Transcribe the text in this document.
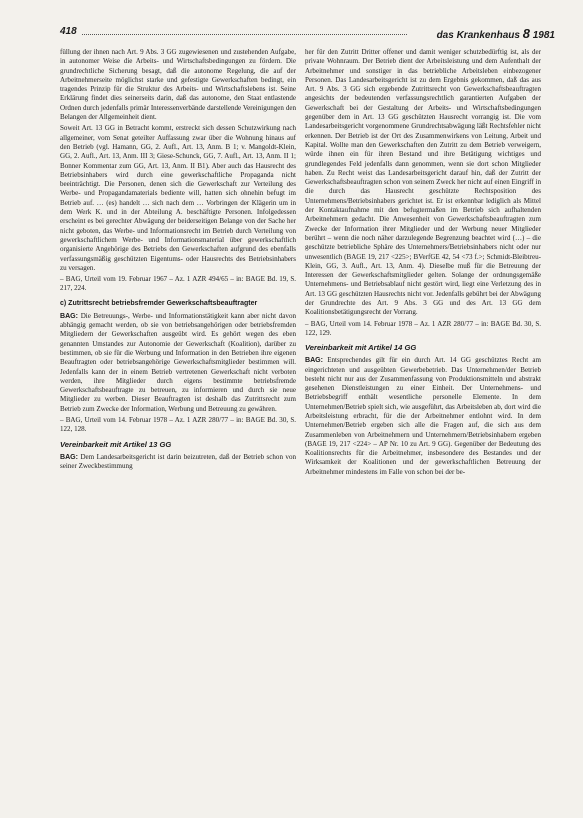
418	das Krankenhaus 8 1981

füllung der ihnen nach Art. 9 Abs. 3 GG zugewiesenen und zustehenden Aufgabe, in autonomer Weise die Arbeits- und Wirtschaftsbedingungen zu fördern. Die grundrechtliche Sicherung besagt, daß die autonome Regelung, die auf der Arbeitnehmerseite möglichst starke und gefestigte Gewerkschaften bedingt, ein tragendes Prinzip für die Struktur des Arbeits- und Wirtschaftslebens ist. Seine Erklärung findet dies seinerseits darin, daß das autonome, den Staat entlastende Ordnen durch jedenfalls primär Interessenverbände darstellende Vereinigungen den Belangen der Allgemeinheit dient.

Soweit Art. 13 GG in Betracht kommt, erstreckt sich dessen Schutzwirkung nach allgemeiner, vom Senat geteilter Auffassung zwar über die Wohnung hinaus auf den Betrieb (vgl. Hamann, GG, 2. Aufl., Art. 13, Anm. B 1; v. Mangoldt-Klein, GG, 2. Aufl., Art. 13, Anm. III 3; Giese-Schunck, GG, 7. Aufl., Art. 13, Anm. II 1; Bonner Kommentar zum GG, Art. 13, Anm. II B1). Aber auch das Hausrecht des Betriebsinhabers wird durch eine gewerkschaftliche Propaganda nicht beeinträchtigt. Die Personen, denen sich die Gewerkschaft zur Verteilung des Werbe- und Propagandamaterials bediente will, hatten sich ohnehin befugt im Betrieb auf. … (es) handelt … sich nach dem … Vorbringen der Klägerin um in dem Werk K. und in der Abteilung A. beschäftigte Personen. Infolgedessen erscheint es bei gerechter Abwägung der beiderseitigen Belange von der Sache her nicht geboten, das Werbe- und Informationsrecht im Betrieb durch Verteilung von gewerkschaftlichem Werbe- und Informationsmaterial über gewerkschaftlich organisierte Angehörige des Betriebs den Gewerkschaften aufgrund des ebenfalls verfassungsmäßig geschützten Eigentums- oder Hausrechts des Betriebsinhabers zu versagen.

– BAG, Urteil vom 19. Februar 1967 – Az. 1 AZR 494/65 – in: BAGE Bd. 19, S. 217, 224.

c) Zutrittsrecht betriebsfremder Gewerkschaftsbeauftragter

BAG: Die Betreuungs-, Werbe- und Informationstätigkeit kann aber nicht davon abhängig gemacht werden, ob sie von betriebsangehörigen oder betriebsfremden Mitgliedern der Gewerkschaften ausgeübt wird. Es gehört wegen des eben genannten Umstandes zur Autonomie der Gewerkschaft (Koalition), darüber zu bestimmen, ob sie für die Werbung und Information in den Betrieben ihre eigenen Beauftragten oder betriebsangehörige Gewerkschaftsmitglieder bestimmen will. Jedenfalls kann der in einem Betrieb vertretenen Gewerkschaft nicht verboten werden, ihre Mitglieder durch eigens bestimmte betriebsfremde Gewerkschaftsbeauftragte zu betreuen, zu informieren und durch sie neue Mitglieder zu werben. Dieser Beauftragten ist deshalb das Zutrittsrecht zum Betrieb zum Zwecke der Information, Werbung und Betreuung zu gewähren.

– BAG, Urteil vom 14. Februar 1978 – Az. 1 AZR 280/77 – in: BAGE Bd. 30, S. 122, 128.

Vereinbarkeit mit Artikel 13 GG

BAG: Dem Landesarbeitsgericht ist darin beizutreten, daß der Betrieb schon von seiner Zweckbestimmung

her für den Zutritt Dritter offener und damit weniger schutzbedürftig ist, als der private Wohnraum. Der Betrieb dient der Arbeitsleistung und dem Aufenthalt der Arbeitnehmer und sonstiger in das betriebliche Arbeitsleben einbezogener Personen. Das Landesarbeitsgericht ist zu dem Ergebnis gekommen, daß das aus Art. 9 Abs. 3 GG sich ergebende Zutrittsrecht von Gewerkschaftsbeauftragten angesichts der bedeutenden verfassungsrechtlich garantierten Aufgaben der Gewerkschaft bei der Gestaltung der Arbeits- und Wirtschaftsbedingungen gegenüber dem in Art. 13 GG geschützten Hausrecht vorrangig ist. Die vom Landesarbeitsgericht vorgenommene Grundrechtsabwägung läßt Rechtsfehler nicht erkennen. Der Betrieb ist der Ort des Zusammenwirkens von Leitung, Arbeit und Kapital. Wollte man den Gewerkschaften den Zutritt zu dem Betrieb verweigern, würde ihnen ein für ihren Bestand und ihre Betätigung wichtiges und grundlegendes Feld jedenfalls dann genommen, wenn sie dort schon Mitglieder haben. Zu Recht weist das Landesarbeitsgericht darauf hin, daß der Zutritt der Gewerkschaftsbeauftragten schon von seinem Zweck her nicht auf einen Eingriff in die durch das Hausrecht geschützte Rechtsposition des Unternehmens/Betriebsinhabers gerichtet ist. Er ist erkennbar lediglich als Mittel der Kontaktaufnahme mit den befugtermaßen im Betrieb sich aufhaltenden Arbeitnehmern gedacht. Die Anwesenheit von Gewerkschaftsbeauftragten zum Zwecke der Information ihrer Mitglieder und der Werbung neuer Mitglieder berührt – wenn die noch näher darzulegende Begrenzung beachtet wird (…) – die geschützte betriebliche Sphäre des Unternehmers/Betriebsinhabers nicht oder nur unwesentlich (BAGE 19, 217 <225>; BVerfGE 42, 54 <73 f.>; Schmidt-Bleibtreu-Klein, GG, 3. Aufl., Art. 13, Anm. 4). Dieselbe muß für die Betreuung der Interessen der Gewerkschaftsmitglieder gelten. Solange der ordnungsgemäße Unternehmens- und Betriebsablauf nicht gestört wird, liegt eine Verletzung des in Art. 13 GG geschützten Hausrechts nicht vor. Jedenfalls gebührt bei der Abwägung der Grundrechte des Art. 9 Abs. 3 GG und des Art. 13 GG dem Koalitionsbetätigungsrecht der Vorrang.

– BAG, Urteil vom 14. Februar 1978 – Az. 1 AZR 280/77 – in: BAGE Bd. 30, S. 122, 129.

Vereinbarkeit mit Artikel 14 GG

BAG: Entsprechendes gilt für ein durch Art. 14 GG geschütztes Recht am eingerichteten und ausgeübten Gewerbebetrieb. Das Unternehmen/der Betrieb besteht nicht nur aus der Zusammenfassung von Produktionsmitteln und abstrakt gesehenen Dienstleistungen zu einer Einheit. Der Unternehmens- und Betriebsbegriff enthält wesentliche personelle Elemente. In dem Unternehmen/Betrieb spielt sich, wie ausgeführt, das Arbeitsleben ab, dort wird die Arbeitsleistung erbracht, für die der Arbeitnehmer entlohnt wird. In dem Unternehmen/Betrieb ergeben sich alle die Fragen auf, die sich aus dem Zusammenleben von Arbeitnehmern und Unternehmern/Betriebsinhabern ergeben (BAGE 19, 217 <224> – AP Nr. 10 zu Art. 9 GG). Gegenüber der Bedeutung des Koalitionsrechts für die Arbeitnehmer, insbesondere des Bestandes und der Wirksamkeit der Koalitionen und der gewerkschaftlichen Betreuung der Arbeitnehmer mindestens im Falle von schon bei der be-
